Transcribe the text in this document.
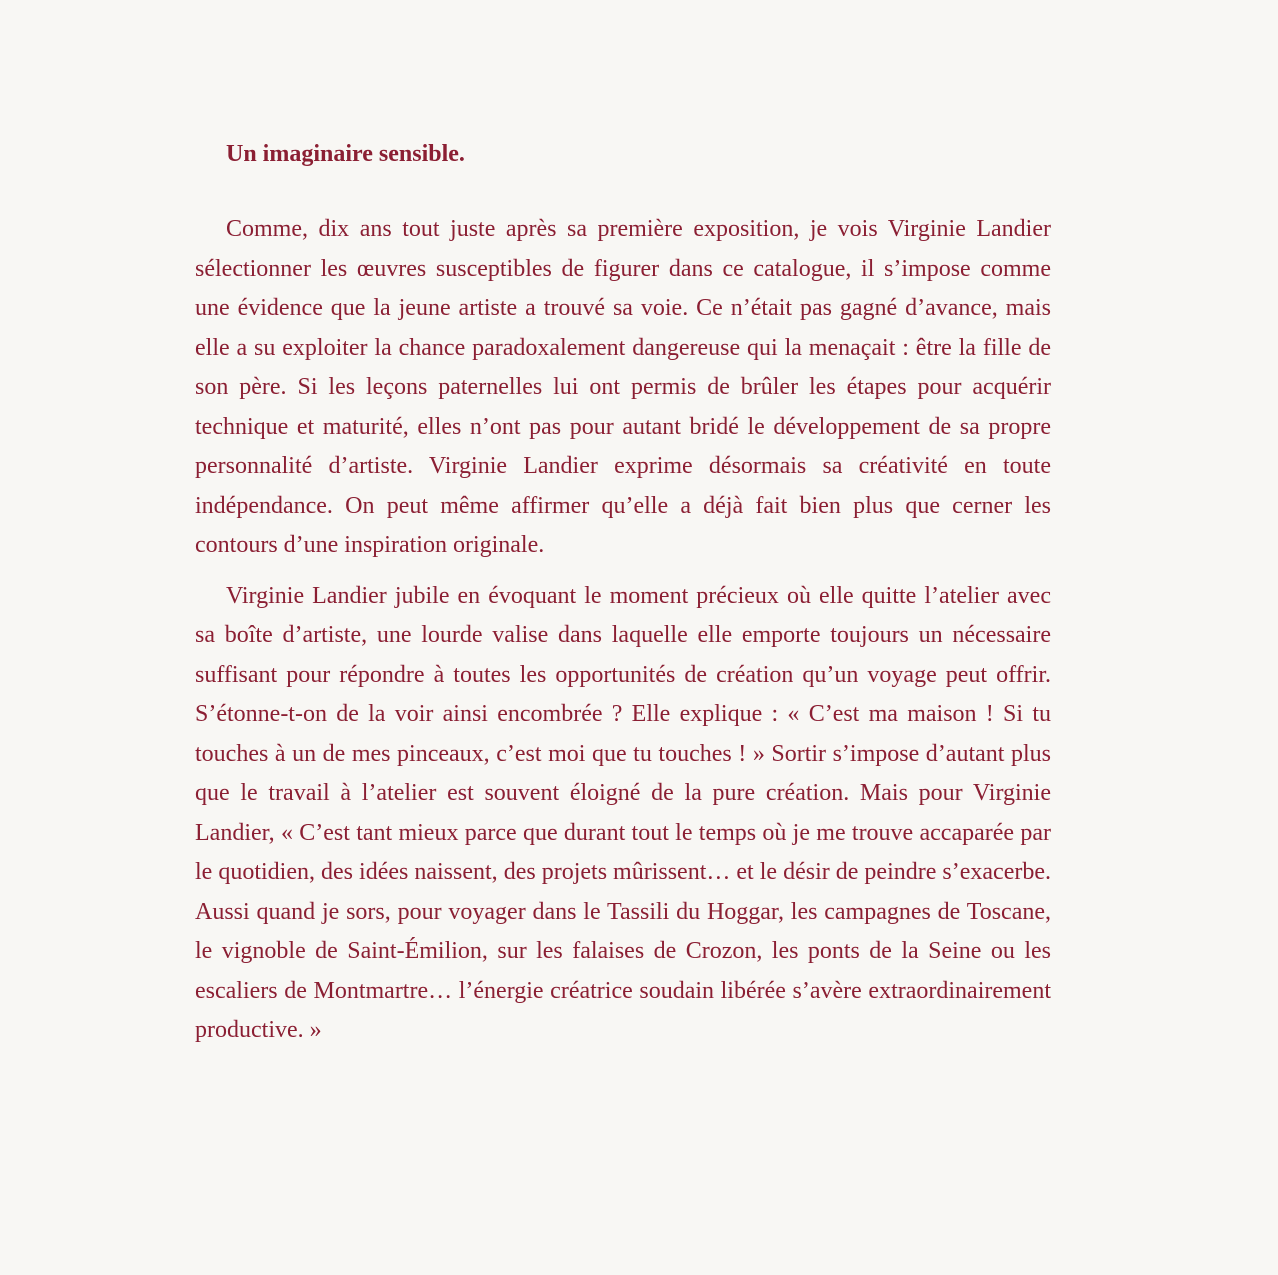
Un imaginaire sensible.

Comme, dix ans tout juste après sa première exposition, je vois Virginie Landier sélectionner les œuvres susceptibles de figurer dans ce catalogue, il s’impose comme une évidence que la jeune artiste a trouvé sa voie. Ce n’était pas gagné d’avance, mais elle a su exploiter la chance paradoxalement dangereuse qui la menaçait : être la fille de son père. Si les leçons paternelles lui ont permis de brûler les étapes pour acquérir technique et maturité, elles n’ont pas pour autant bridé le développement de sa propre personnalité d’artiste. Virginie Landier exprime désormais sa créativité en toute indépendance. On peut même affirmer qu’elle a déjà fait bien plus que cerner les contours d’une inspiration originale.

Virginie Landier jubile en évoquant le moment précieux où elle quitte l’atelier avec sa boîte d’artiste, une lourde valise dans laquelle elle emporte toujours un nécessaire suffisant pour répondre à toutes les opportunités de création qu’un voyage peut offrir. S’étonne-t-on de la voir ainsi encombrée ? Elle explique : « C’est ma maison ! Si tu touches à un de mes pinceaux, c’est moi que tu touches ! » Sortir s’impose d’autant plus que le travail à l’atelier est souvent éloigné de la pure création. Mais pour Virginie Landier, « C’est tant mieux parce que durant tout le temps où je me trouve accaparée par le quotidien, des idées naissent, des projets mûrissent… et le désir de peindre s’exacerbe. Aussi quand je sors, pour voyager dans le Tassili du Hoggar, les campagnes de Toscane, le vignoble de Saint-Émilion, sur les falaises de Crozon, les ponts de la Seine ou les escaliers de Montmartre… l’énergie créatrice soudain libérée s’avère extraordinairement productive. »
